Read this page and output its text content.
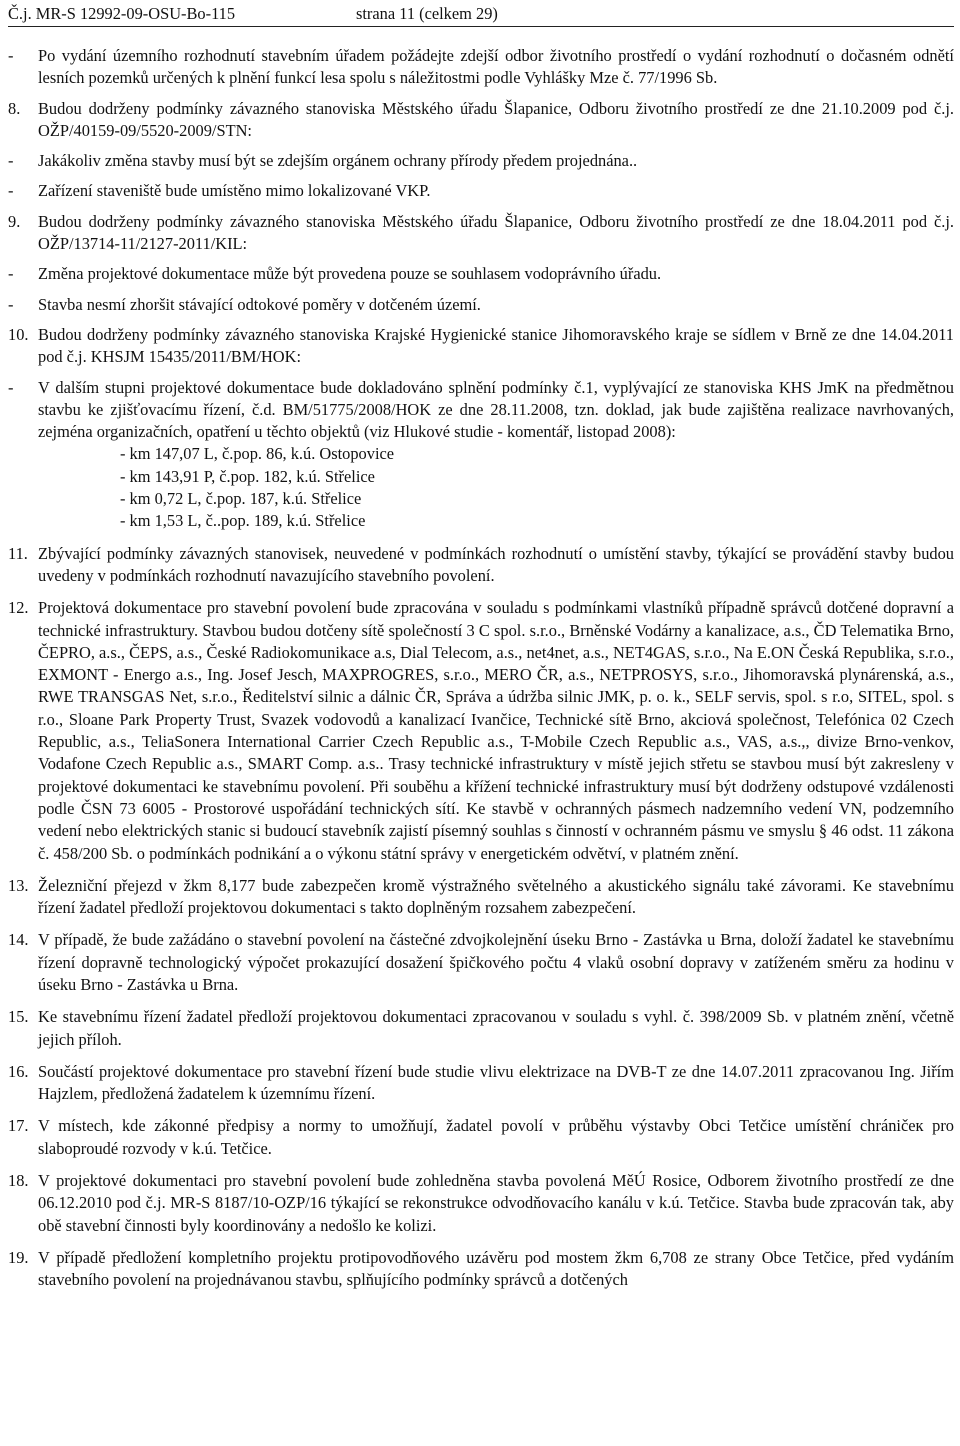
Č.j. MR-S 12992-09-OSU-Bo-115	strana 11 (celkem 29)
-	Po vydání územního rozhodnutí stavebním úřadem požádejte zdejší odbor životního prostředí o vydání rozhodnutí o dočasném odnětí lesních pozemků určených k plnění funkcí lesa spolu s náležitostmi podle Vyhlášky Mze č. 77/1996 Sb.
8.	Budou dodrženy podmínky závazného stanoviska Městského úřadu Šlapanice, Odboru životního prostředí ze dne 21.10.2009 pod č.j. OŽP/40159-09/5520-2009/STN:
-	Jakákoliv změna stavby musí být se zdejším orgánem ochrany přírody předem projednána..
-	Zařízení staveniště bude umístěno mimo lokalizované VKP.
9.	Budou dodrženy podmínky závazného stanoviska Městského úřadu Šlapanice, Odboru životního prostředí ze dne 18.04.2011 pod č.j. OŽP/13714-11/2127-2011/KIL:
-	Změna projektové dokumentace může být provedena pouze se souhlasem vodoprávního úřadu.
-	Stavba nesmí zhoršit stávající odtokové poměry v dotčeném území.
10. Budou dodrženy podmínky závazného stanoviska Krajské Hygienické stanice Jihomoravského kraje se sídlem v Brně ze dne 14.04.2011 pod č.j. KHSJM 15435/2011/BM/HOK:
-	V dalším stupni projektové dokumentace bude dokladováno splnění podmínky č.1, vyplývající ze stanoviska KHS JmK na předmětnou stavbu ke zjišťovacímu řízení, č.d. BM/51775/2008/HOK ze dne 28.11.2008, tzn. doklad, jak bude zajištěna realizace navrhovaných, zejména organizačních, opatření u těchto objektů (viz Hlukové studie - komentář, listopad 2008):
- km 147,07 L, č.pop. 86, k.ú. Ostopovice
- km 143,91 P, č.pop. 182, k.ú. Střelice
- km 0,72 L, č.pop. 187, k.ú. Střelice
- km 1,53 L, č..pop. 189, k.ú. Střelice
11. Zbývající podmínky závazných stanovisek, neuvedené v podmínkách rozhodnutí o umístění stavby, týkající se provádění stavby budou uvedeny v podmínkách rozhodnutí navazujícího stavebního povolení.
12. Projektová dokumentace pro stavební povolení bude zpracována v souladu s podmínkami vlastníků případně správců dotčené dopravní a technické infrastruktury. Stavbou budou dotčeny sítě společností 3 C spol. s.r.o., Brněnské Vodárny a kanalizace, a.s., ČD Telematika Brno, ČEPRO, a.s., ČEPS, a.s., České Radiokomunikace a.s, Dial Telecom, a.s., net4net, a.s., NET4GAS, s.r.o., Na E.ON Česká Republika, s.r.o., EXMONT - Energo a.s., Ing. Josef Jesch, MAXPROGRES, s.r.o., MERO ČR, a.s., NETPROSYS, s.r.o., Jihomoravská plynárenská, a.s., RWE TRANSGAS Net, s.r.o., Ředitelství silnic a dálnic ČR, Správa a údržba silnic JMK, p. o. k., SELF servis, spol. s r.o, SITEL, spol. s r.o., Sloane Park Property Trust, Svazek vodovodů a kanalizací Ivančice, Technické sítě Brno, akciová společnost, Telefónica 02 Czech Republic, a.s., TeliaSonera International Carrier Czech Republic a.s., T-Mobile Czech Republic a.s., VAS, a.s.,, divize Brno-venkov, Vodafone Czech Republic a.s., SMART Comp. a.s.. Trasy technické infrastruktury v místě jejich střetu se stavbou musí být zakresleny v projektové dokumentaci ke stavebnímu povolení. Při souběhu a křížení technické infrastruktury musí být dodrženy odstupové vzdálenosti podle ČSN 73 6005 - Prostorové uspořádání technických sítí. Ke stavbě v ochranných pásmech nadzemního vedení VN, podzemního vedení nebo elektrických stanic si budoucí stavebník zajistí písemný souhlas s činností v ochranném pásmu ve smyslu § 46 odst. 11 zákona č. 458/200 Sb. o podmínkách podnikání a o výkonu státní správy v energetickém odvětví, v platném znění.
13. Železniční přejezd v žkm 8,177 bude zabezpečen kromě výstražného světelného a akustického signálu také závorami. Ke stavebnímu řízení žadatel předloží projektovou dokumentaci s takto doplněným rozsahem zabezpečení.
14. V případě, že bude zažádáno o stavební povolení na částečné zdvojkolejnění úseku Brno - Zastávka u Brna, doloží žadatel ke stavebnímu řízení dopravně technologický výpočet prokazující dosažení špičkového počtu 4 vlaků osobní dopravy v zatíženém směru za hodinu v úseku Brno - Zastávka u Brna.
15. Ke stavebnímu řízení žadatel předloží projektovou dokumentaci zpracovanou v souladu s vyhl. č. 398/2009 Sb. v platném znění, včetně jejich příloh.
16. Součástí projektové dokumentace pro stavební řízení bude studie vlivu elektrizace na DVB-T ze dne 14.07.2011 zpracovanou Ing. Jiřím Hajzlem, předložená žadatelem k územnímu řízení.
17. V místech, kde zákonné předpisy a normy to umožňují, žadatel povolí v průběhu výstavby Obci Tetčice umístění chráničeк pro slaboproudé rozvody v k.ú. Tetčice.
18. V projektové dokumentaci pro stavební povolení bude zohledněna stavba povolená MěÚ Rosice, Odborem životního prostředí ze dne 06.12.2010 pod č.j. MR-S 8187/10-OZP/16 týkající se rekonstrukce odvodňovacího kanálu v k.ú. Tetčice. Stavba bude zpracován tak, aby obě stavební činnosti byly koordinovány a nedošlo ke kolizi.
19. V případě předložení kompletního projektu protipovodňového uzávěru pod mostem žkm 6,708 ze strany Obce Tetčice, před vydáním stavebního povolení na projednávanou stavbu, splňujícího podmínky správců a dotčených
